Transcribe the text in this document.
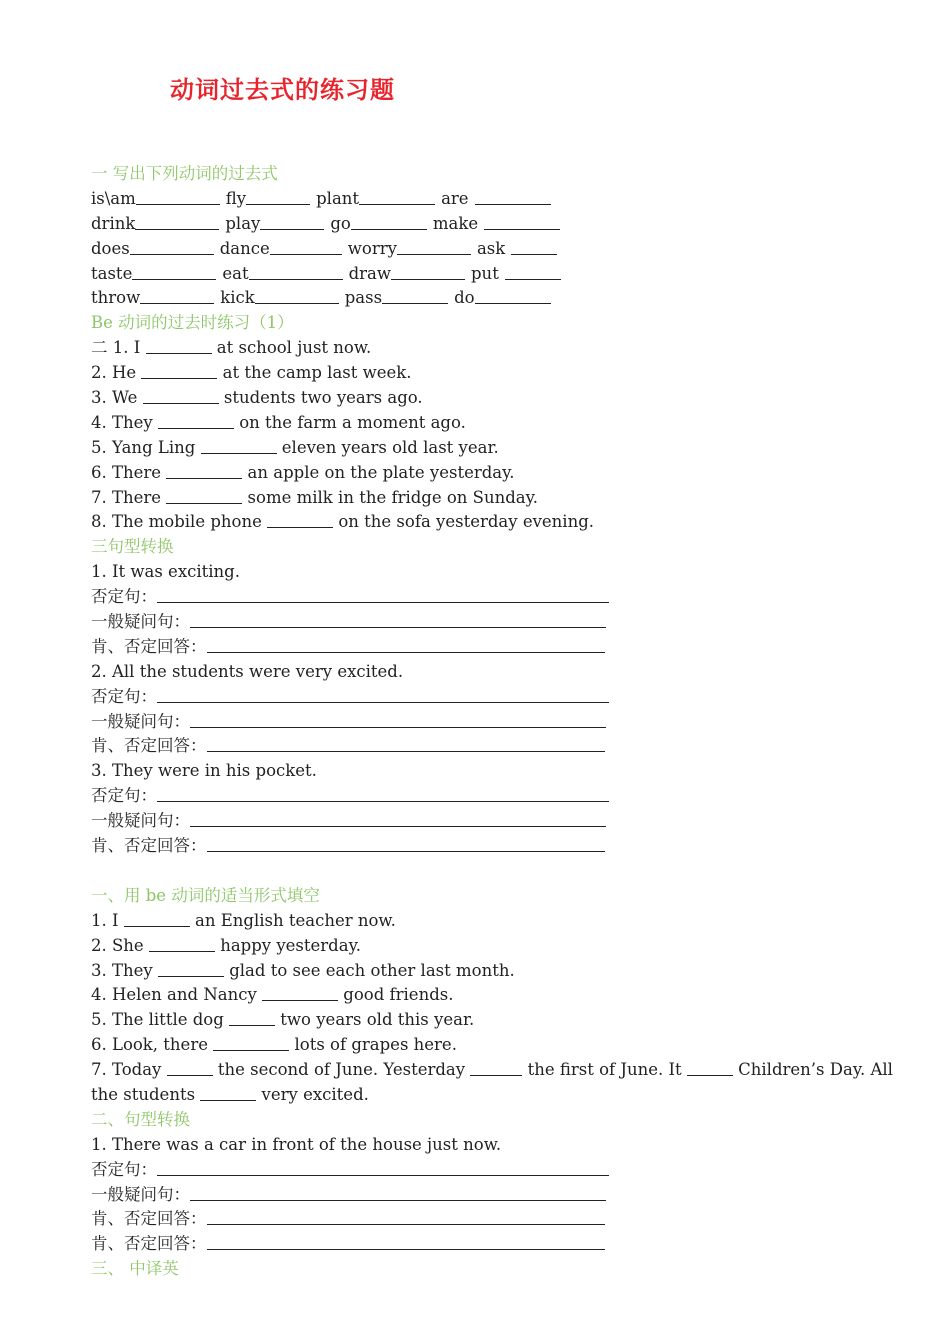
动词过去式的练习题
一 写出下列动词的过去式
is\am	fly	plant	are
drink	play	go	make
does	dance	worry	ask
taste	eat	draw	put
throw	kick	pass	do
Be 动词的过去时练习（1）
二 1. I	at school just now.
2. He	at the camp last week.
3. We	students two years ago.
4. They	on the farm a moment ago.
5. Yang Ling	eleven years old last year.
6. There	an apple on the plate yesterday.
7. There	some milk in the fridge on Sunday.
8. The mobile phone	on the sofa yesterday evening.
三句型转换
1. It was exciting.
否定句：
一般疑问句：
肯、否定回答：
2. All the students were very excited.
否定句：
一般疑问句：
肯、否定回答：
3. They were in his pocket.
否定句：
一般疑问句：
肯、否定回答：
一、用 be 动词的适当形式填空
1. I	an English teacher now.
2. She	happy yesterday.
3. They	glad to see each other last month.
4. Helen and Nancy	good friends.
5. The little dog	two years old this year.
6. Look, there	lots of grapes here.
7. Today	the second of June. Yesterday	the first of June. It	Children’s Day. All
the students	very excited.
二、句型转换
1. There was a car in front of the house just now.
否定句：
一般疑问句：
肯、否定回答：
肯、否定回答：
三、 中译英
